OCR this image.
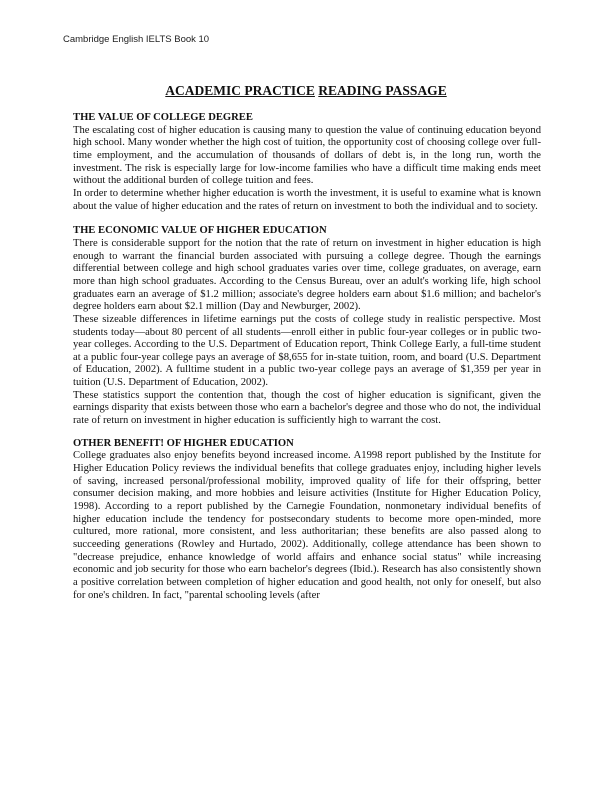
Cambridge English IELTS Book 10
ACADEMIC PRACTICE READING PASSAGE
THE VALUE OF COLLEGE DEGREE

The escalating cost of higher education is causing many to question the value of continuing education beyond high school. Many wonder whether the high cost of tuition, the opportunity cost of choosing college over full-time employment, and the accumulation of thousands of dollars of debt is, in the long run, worth the investment. The risk is especially large for low-income families who have a difficult time making ends meet without the additional burden of college tuition and fees.

In order to determine whether higher education is worth the investment, it is useful to examine what is known about the value of higher education and the rates of return on investment to both the individual and to society.

THE ECONOMIC VALUE OF HIGHER EDUCATION

There is considerable support for the notion that the rate of return on investment in higher education is high enough to warrant the financial burden associated with pursuing a college degree. Though the earnings differential between college and high school graduates varies over time, college graduates, on average, earn more than high school graduates. According to the Census Bureau, over an adult's working life, high school graduates earn an average of $1.2 million; associate's degree holders earn about $1.6 million; and bachelor's degree holders earn about $2.1 million (Day and Newburger, 2002).

These sizeable differences in lifetime earnings put the costs of college study in realistic perspective. Most students today—about 80 percent of all students—enroll either in public four-year colleges or in public two-year colleges. According to the U.S. Department of Education report, Think College Early, a full-time student at a public four-year college pays an average of $8,655 for in-state tuition, room, and board (U.S. Department of Education, 2002). A fulltime student in a public two-year college pays an average of $1,359 per year in tuition (U.S. Department of Education, 2002).

These statistics support the contention that, though the cost of higher education is significant, given the earnings disparity that exists between those who earn a bachelor's degree and those who do not, the individual rate of return on investment in higher education is sufficiently high to warrant the cost.

OTHER BENEFIT! OF HIGHER EDUCATION

College graduates also enjoy benefits beyond increased income. A1998 report published by the Institute for Higher Education Policy reviews the individual benefits that college graduates enjoy, including higher levels of saving, increased personal/professional mobility, improved quality of life for their offspring, better consumer decision making, and more hobbies and leisure activities (Institute for Higher Education Policy, 1998). According to a report published by the Carnegie Foundation, nonmonetary individual benefits of higher education include the tendency for postsecondary students to become more open-minded, more cultured, more rational, more consistent, and less authoritarian; these benefits are also passed along to succeeding generations (Rowley and Hurtado, 2002). Additionally, college attendance has been shown to "decrease prejudice, enhance knowledge of world affairs and enhance social status" while increasing economic and job security for those who earn bachelor's degrees (Ibid.). Research has also consistently shown a positive correlation between completion of higher education and good health, not only for oneself, but also for one's children. In fact, "parental schooling levels (after
